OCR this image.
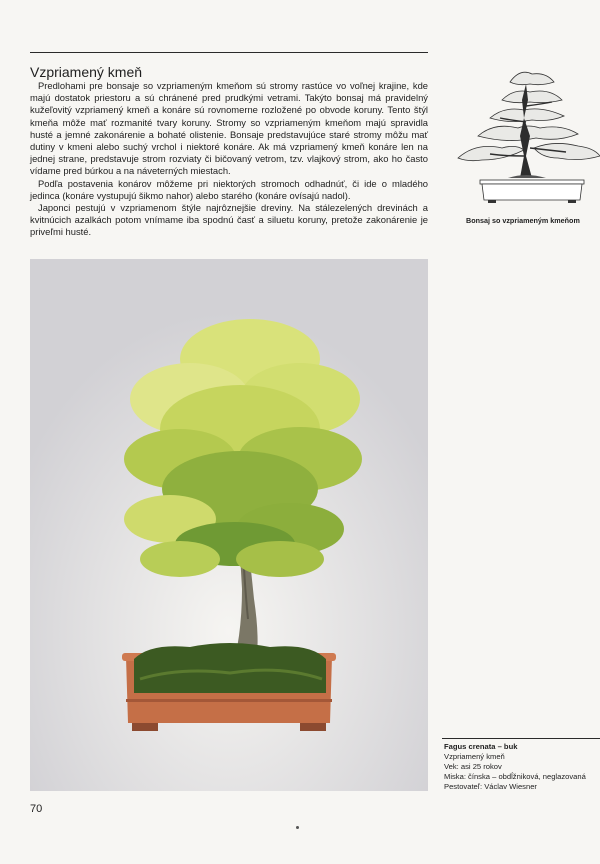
Vzpriamený kmeň

Predlohami pre bonsaje so vzpriameným kmeňom sú stromy rastúce vo voľnej krajine, kde majú dostatok priestoru a sú chránené pred prudkými vetrami. Takýto bonsaj má pravidelný kužeľovitý vzpriamený kmeň a konáre sú rovnomerne rozložené po obvode koruny. Tento štýl kmeňa môže mať rozmanité tvary koruny. Stromy so vzpriameným kmeňom majú spravidla husté a jemné zakonárenie a bohaté olistenie. Bonsaje predstavujúce staré stromy môžu mať dutiny v kmeni alebo suchý vrchol i niektoré konáre. Ak má vzpriamený kmeň konáre len na jednej strane, predstavuje strom rozviaty či bičovaný vetrom, tzv. vlajkový strom, ako ho často vídame pred búrkou a na náveterných miestach.

Podľa postavenia konárov môžeme pri niektorých stromoch odhadnúť, či ide o mladého jedinca (konáre vystupujú šikmo nahor) alebo starého (konáre ovísajú nadol).

Japonci pestujú v vzpriamenom štýle najrôznejšie dreviny. Na stálezelených drevinách a kvitnúcich azalkách potom vnímame iba spodnú časť a siluetu koruny, pretože zakonárenie je priveľmi husté.

Bonsaj so vzpriameným kmeňom
Fagus crenata – buk
Vzpriamený kmeň
Vek: asi 25 rokov
Miska: čínska – obdĺžniková, neglazovaná
Pestovateľ: Václav Wiesner
70
